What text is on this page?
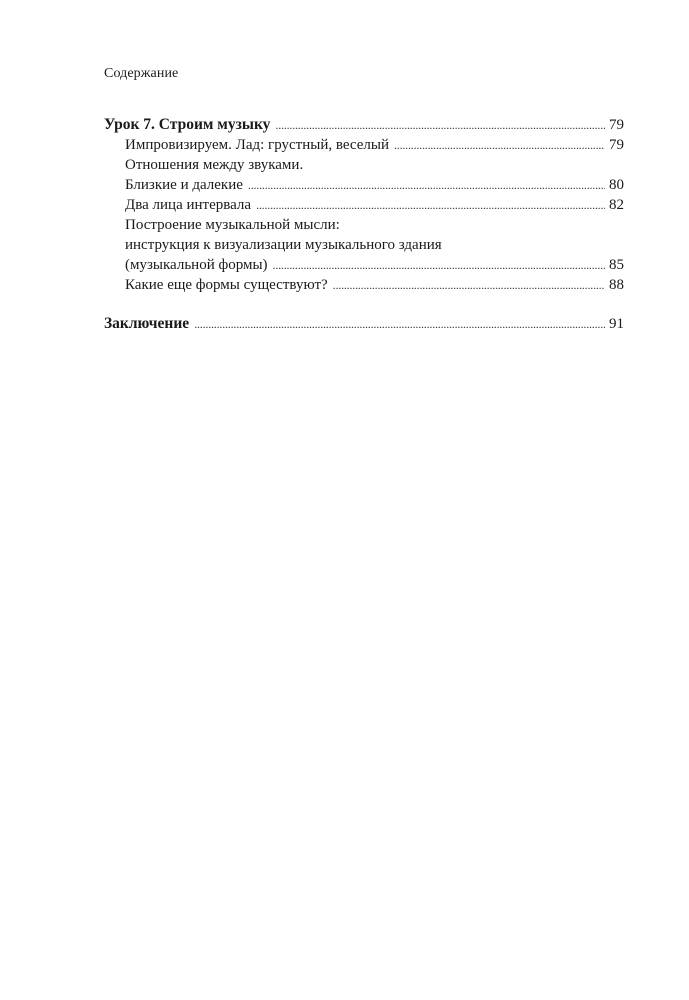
Содержание
Урок 7. Строим музыку . . .	79
Импровизируем. Лад: грустный, веселый . . .	79
Отношения между звуками.
Близкие и далекие . . .	80
Два лица интервала . . .	82
Построение музыкальной мысли:
инструкция к визуализации музыкального здания
(музыкальной формы) . . .	85
Какие еще формы существуют? . . .	88
Заключение . . .	91
